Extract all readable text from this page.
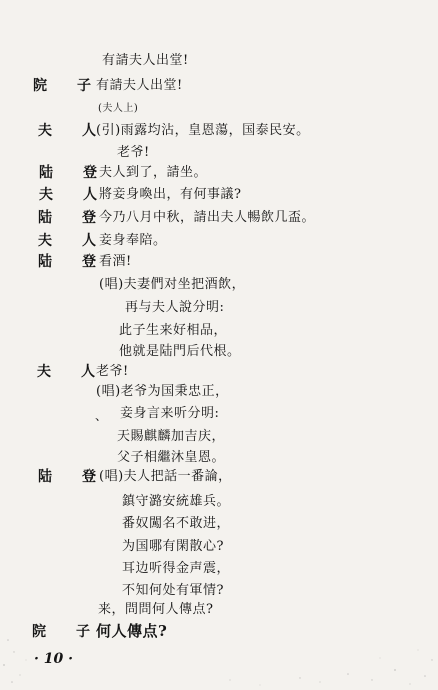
有請夫人出堂!
院　子
有請夫人出堂!
(夫人上)
夫　人
(引)雨露均沾，皇恩蕩，国泰民安。
老爷!
陆　登
夫人到了，請坐。
夫　人
將妾身喚出，有何事議?
陆　登
今乃八月中秋，請出夫人暢飲几盃。
夫　人
妾身奉陪。
陆　登
看酒!
(唱)夫妻們对坐把酒飲，
再与夫人說分明:
此子生来好相品，
他就是陆門后代根。
夫　人
老爷!
(唱)老爷为国秉忠正，
、 妾身言来听分明:
天賜麒麟加吉庆，
父子相繼沐皇恩。
陆　登
(唱)夫人把話一番論，
鎮守潞安統雄兵。
番奴闖名不敢进，
为国哪有閑散心?
耳边听得金声震，
不知何处有軍情?
来，問問何人傳点?
院　子
何人傳点?
· 10 ·
